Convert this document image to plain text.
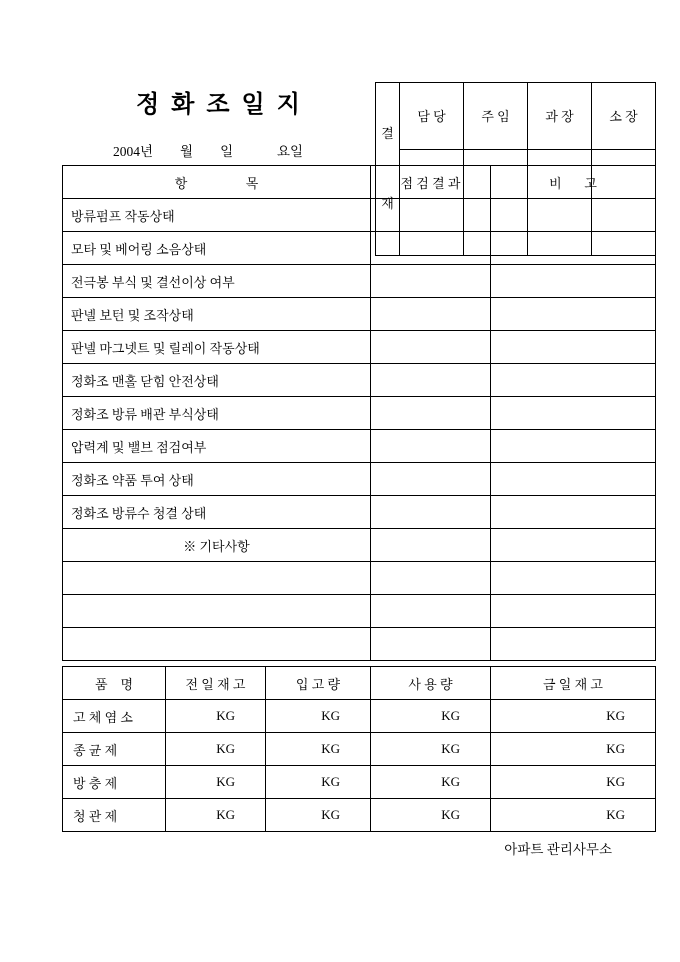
정 화 조 일 지
2004년        월        일             요일

결

재	담 당	주 임	과 장	소 장

항                  목	점 검 결 과	비       고
방류펌프 작동상태		
모타 및 베어링 소음상태		
전극봉 부식 및 결선이상 여부		
판넬 보턴 및 조작상태		
판넬 마그넷트 및 릴레이 작동상태		
정화조 맨홀 닫힘 안전상태		
정화조 방류 배관 부식상태		
압력계 및 밸브 점검여부		
정화조 약품 투여 상태		
정화조 방류수 청결 상태		
※ 기타사항		

품    명	전 일 재 고	입 고 량	사 용 량	금 일 재 고
고 체 염 소	KG	KG	KG	KG
종 균 제	KG	KG	KG	KG
방 충 제	KG	KG	KG	KG
청 관 제	KG	KG	KG	KG
아파트 관리사무소
